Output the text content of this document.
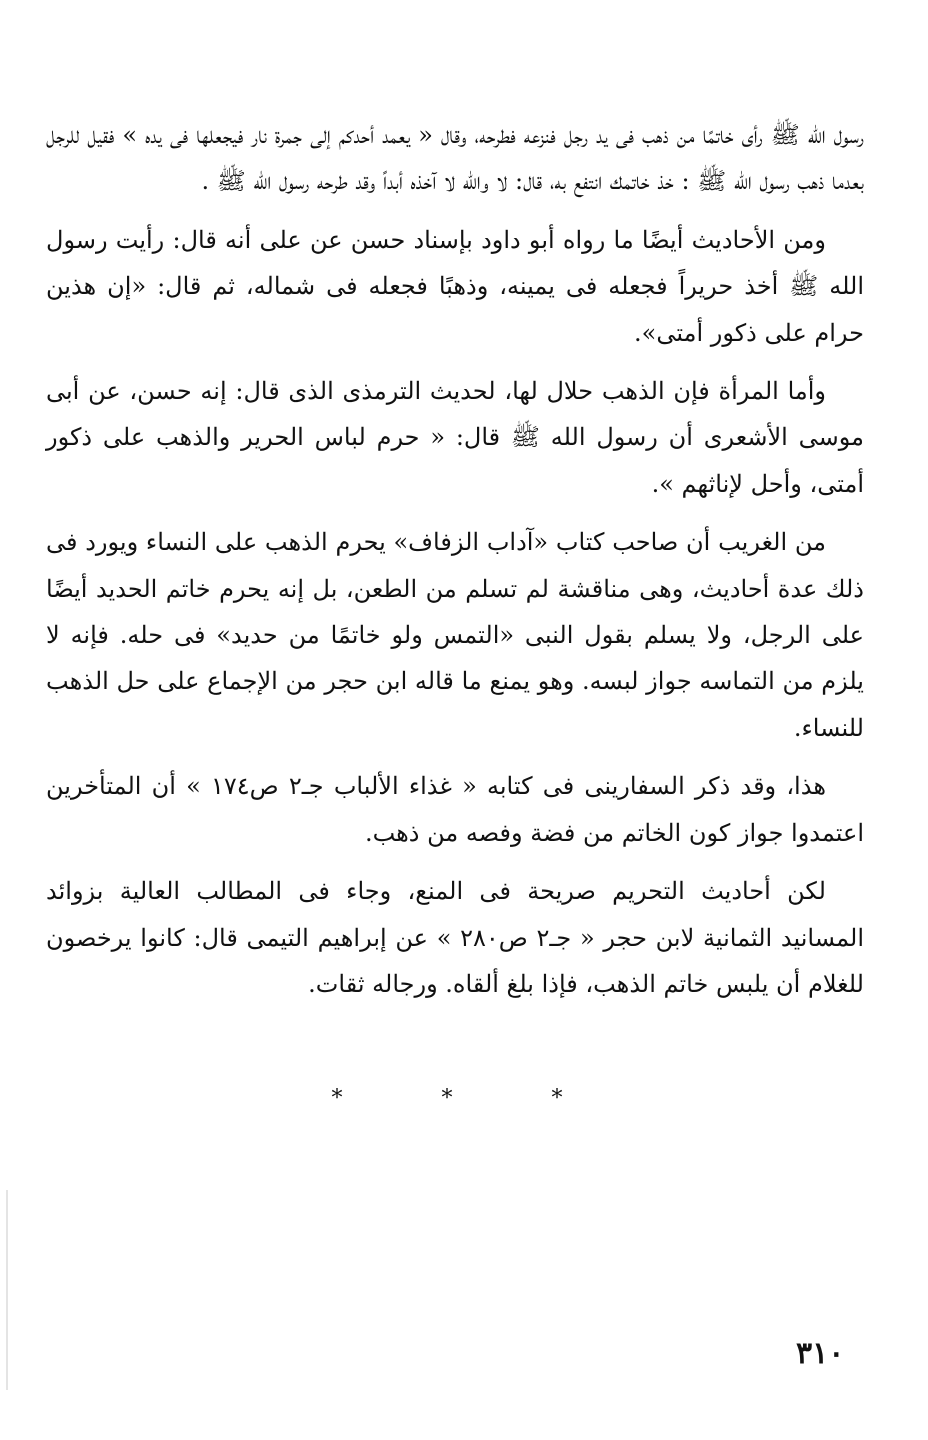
رسول الله ﷺ رأى خاتمًا من ذهب فى يد رجل فنزعه فطرحه، وقال « يعمد أحدكم إلى جمرة نار فيجعلها فى يده » فقيل للرجل بعدما ذهب رسول الله ﷺ : خذ خاتمك انتفع به، قال: لا والله لا آخذه أبداً وقد طرحه رسول الله ﷺ .

ومن الأحاديث أيضًا ما رواه أبو داود بإسناد حسن عن على أنه قال: رأيت رسول الله ﷺ أخذ حريراً فجعله فى يمينه، وذهبًا فجعله فى شماله، ثم قال: «إن هذين حرام على ذكور أمتى».

وأما المرأة فإن الذهب حلال لها، لحديث الترمذى الذى قال: إنه حسن، عن أبى موسى الأشعرى أن رسول الله ﷺ قال: « حرم لباس الحرير والذهب على ذكور أمتى، وأحل لإناثهم ».

من الغريب أن صاحب كتاب «آداب الزفاف» يحرم الذهب على النساء ويورد فى ذلك عدة أحاديث، وهى مناقشة لم تسلم من الطعن، بل إنه يحرم خاتم الحديد أيضًا على الرجل، ولا يسلم بقول النبى «التمس ولو خاتمًا من حديد» فى حله. فإنه لا يلزم من التماسه جواز لبسه. وهو يمنع ما قاله ابن حجر من الإجماع على حل الذهب للنساء.

هذا، وقد ذكر السفارينى فى كتابه « غذاء الألباب جـ٢ ص١٧٤ » أن المتأخرين اعتمدوا جواز كون الخاتم من فضة وفصه من ذهب.

لكن أحاديث التحريم صريحة فى المنع، وجاء فى المطالب العالية بزوائد المسانيد الثمانية لابن حجر « جـ٢ ص٢٨٠ » عن إبراهيم التيمى قال: كانوا يرخصون للغلام أن يلبس خاتم الذهب، فإذا بلغ ألقاه. ورجاله ثقات.

*	*	*
٣١٠
